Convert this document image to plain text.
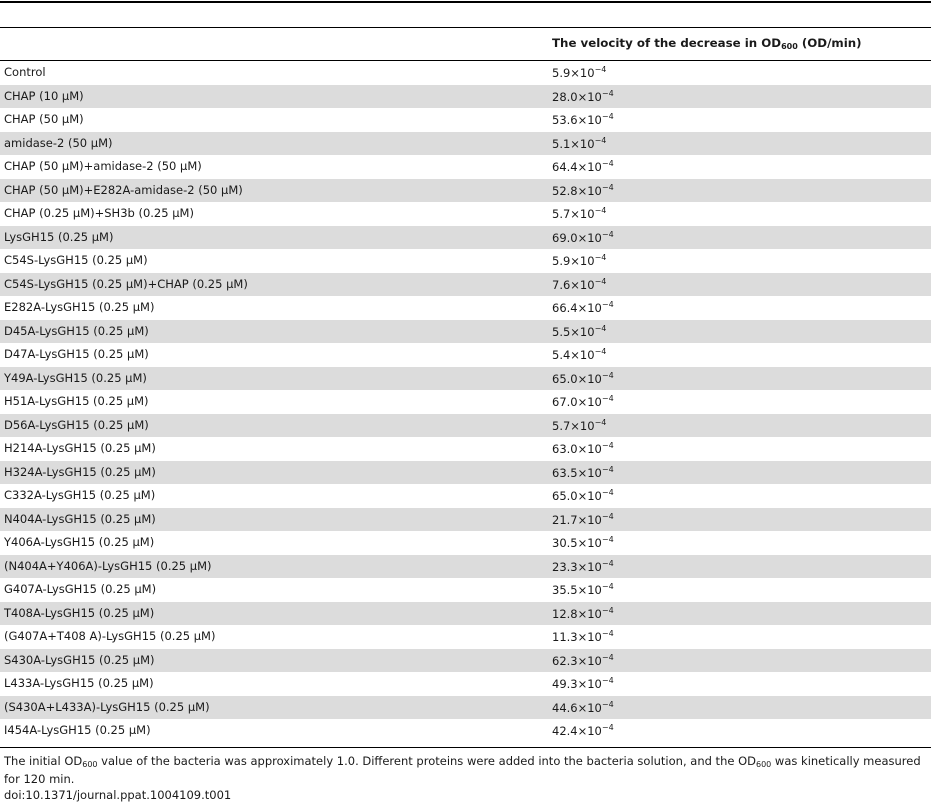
The velocity of the decrease in $OD_{600}$ (OD/min)
Control	$5.9\times 10^{-4}$
CHAP (10 µM)	$28.0\times 10^{-4}$
CHAP (50 µM)	$53.6\times 10^{-4}$
amidase-2 (50 µM)	$5.1\times 10^{-4}$
CHAP (50 µM)+amidase-2 (50 µM)	$64.4\times 10^{-4}$
CHAP (50 µM)+E282A-amidase-2 (50 µM)	$52.8\times 10^{-4}$
CHAP (0.25 µM)+SH3b (0.25 µM)	$5.7\times 10^{-4}$
LysGH15 (0.25 µM)	$69.0\times 10^{-4}$
C54S-LysGH15 (0.25 µM)	$5.9\times 10^{-4}$
C54S-LysGH15 (0.25 µM)+CHAP (0.25 µM)	$7.6\times 10^{-4}$
E282A-LysGH15 (0.25 µM)	$66.4\times 10^{-4}$
D45A-LysGH15 (0.25 µM)	$5.5\times 10^{-4}$
D47A-LysGH15 (0.25 µM)	$5.4\times 10^{-4}$
Y49A-LysGH15 (0.25 µM)	$65.0\times 10^{-4}$
H51A-LysGH15 (0.25 µM)	$67.0\times 10^{-4}$
D56A-LysGH15 (0.25 µM)	$5.7\times 10^{-4}$
H214A-LysGH15 (0.25 µM)	$63.0\times 10^{-4}$
H324A-LysGH15 (0.25 µM)	$63.5\times 10^{-4}$
C332A-LysGH15 (0.25 µM)	$65.0\times 10^{-4}$
N404A-LysGH15 (0.25 µM)	$21.7\times 10^{-4}$
Y406A-LysGH15 (0.25 µM)	$30.5\times 10^{-4}$
(N404A+Y406A)-LysGH15 (0.25 µM)	$23.3\times 10^{-4}$
G407A-LysGH15 (0.25 µM)	$35.5\times 10^{-4}$
T408A-LysGH15 (0.25 µM)	$12.8\times 10^{-4}$
(G407A+T408 A)-LysGH15 (0.25 µM)	$11.3\times 10^{-4}$
S430A-LysGH15 (0.25 µM)	$62.3\times 10^{-4}$
L433A-LysGH15 (0.25 µM)	$49.3\times 10^{-4}$
(S430A+L433A)-LysGH15 (0.25 µM)	$44.6\times 10^{-4}$
I454A-LysGH15 (0.25 µM)	$42.4\times 10^{-4}$
The initial $OD_{600}$ value of the bacteria was approximately 1.0. Different proteins were added into the bacteria solution, and the $OD_{600}$ was kinetically measured for 120 min.
doi:10.1371/journal.ppat.1004109.t001
